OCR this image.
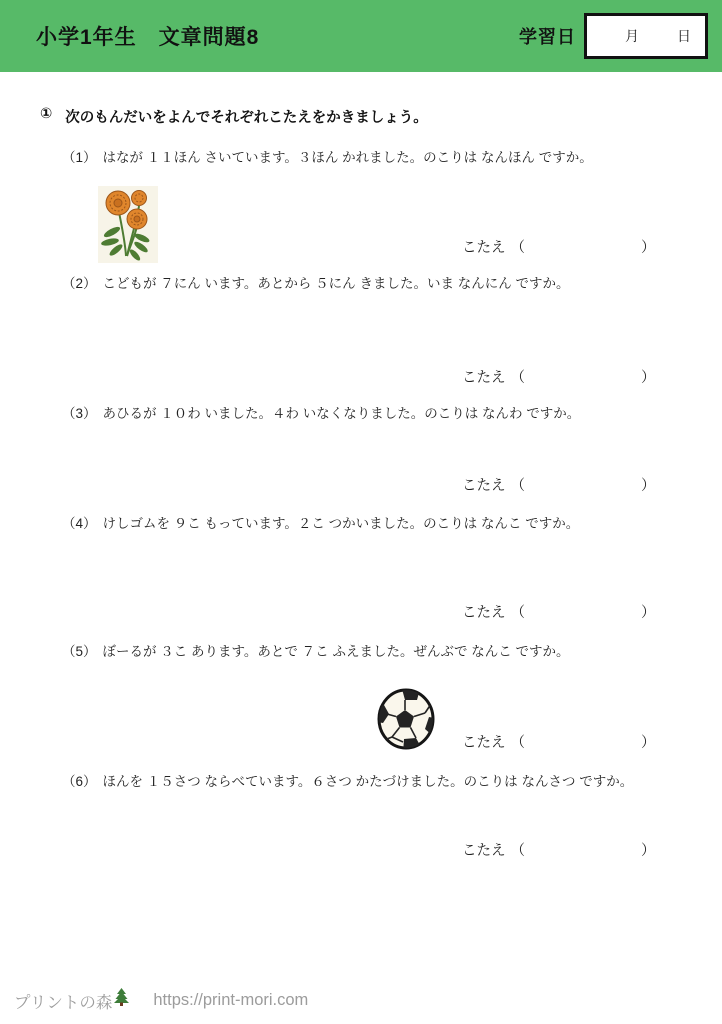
小学1年生　文章問題8	学習日	月	日
① 次のもんだいをよんでそれぞれこたえをかきましょう。
（1） はなが １１ほん さいています。３ほん かれました。のこりは なんほん ですか。
こたえ （	）
（2） こどもが ７にん います。あとから ５にん きました。いま なんにん ですか。
こたえ （	）
（3） あひるが １０わ いました。４わ いなくなりました。のこりは なんわ ですか。
こたえ （	）
（4） けしゴムを ９こ もっています。２こ つかいました。のこりは なんこ ですか。
こたえ （	）
（5） ぼーるが ３こ あります。あとで ７こ ふえました。ぜんぶで なんこ ですか。
こたえ （	）
（6） ほんを １５さつ ならべています。６さつ かたづけました。のこりは なんさつ ですか。
こたえ （	）
プリントの森 https://print-mori.com
